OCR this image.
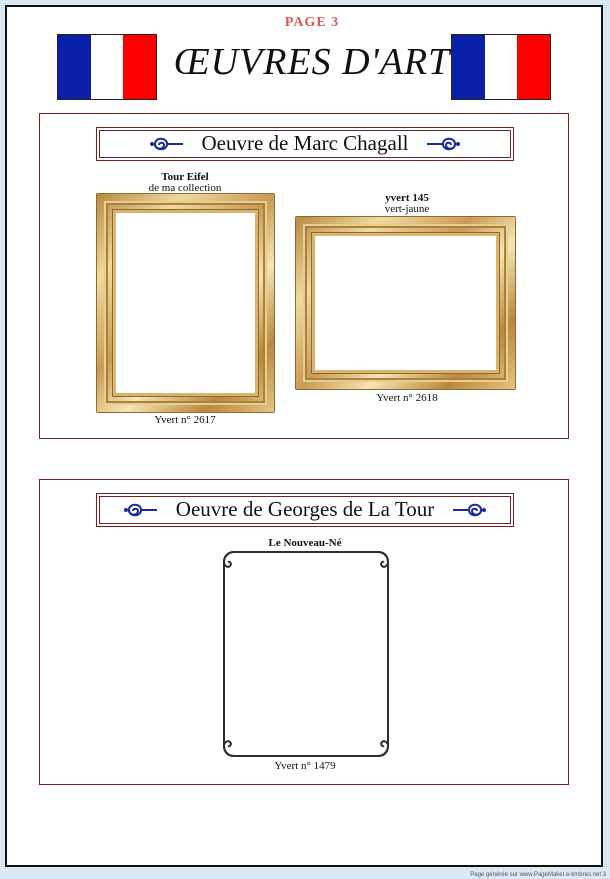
PAGE 3
ŒUVRES D'ART
Oeuvre de Marc Chagall
Tour Eifel
de ma collection
Yvert n° 2617
yvert 145
vert-jaune
Yvert n° 2618
Oeuvre de Georges de La Tour
Le Nouveau-Né
Yvert n° 1479
Page générée sur www.PageMaker.e-timbres.net 3
